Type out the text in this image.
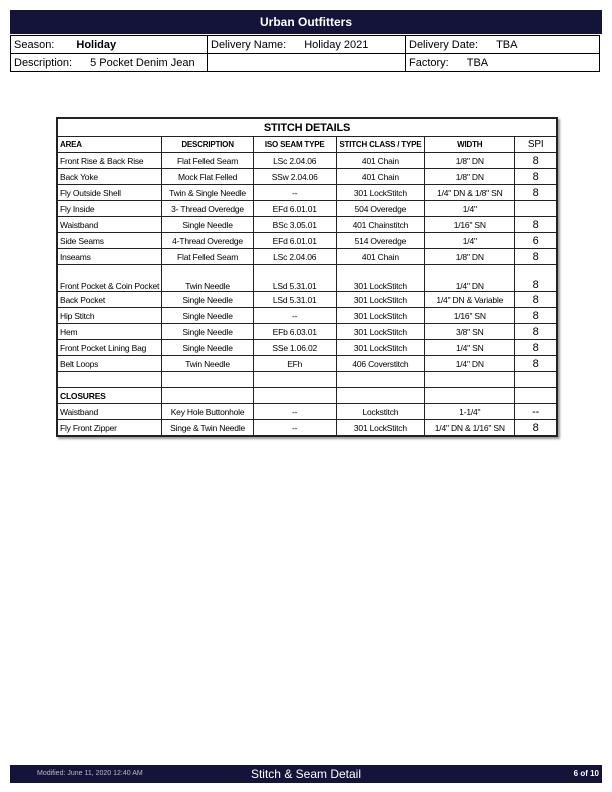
Urban Outfitters
Season: Holiday	Delivery Name: Holiday 2021	Delivery Date: TBA
Description: 5 Pocket Denim Jean		Factory: TBA
STITCH DETAILS					
AREA	DESCRIPTION	ISO SEAM TYPE	STITCH CLASS / TYPE	WIDTH	SPI
Front Rise & Back Rise	Flat Felled Seam	LSc 2.04.06	401 Chain	1/8" DN	8
Back Yoke	Mock Flat Felled	SSw 2.04.06	401 Chain	1/8" DN	8
Fly Outside Shell	Twin & Single Needle	--	301 LockStitch	1/4" DN & 1/8" SN	8
Fly Inside	3- Thread Overedge	EFd 6.01.01	504 Overedge	1/4"	
Waistband	Single Needle	BSc 3.05.01	401 Chainstitch	1/16" SN	8
Side Seams	4-Thread Overedge	EFd 6.01.01	514 Overedge	1/4"	6
Inseams	Flat Felled Seam	LSc 2.04.06	401 Chain	1/8" DN	8
Front Pocket & Coin Pocket	Twin Needle	LSd 5.31.01	301 LockStitch	1/4" DN	8
Back Pocket	Single Needle	LSd 5.31.01	301 LockStitch	1/4" DN & Variable	8
Hip Stitch	Single Needle	--	301 LockStitch	1/16" SN	8
Hem	Single Needle	EFb 6.03.01	301 LockStitch	3/8" SN	8
Front Pocket Lining Bag	Single Needle	SSe 1.06.02	301 LockStitch	1/4" SN	8
Belt Loops	Twin Needle	EFh	406 Coverstitch	1/4" DN	8

CLOSURES					
Waistband	Key Hole Buttonhole	--	Lockstitch	1-1/4"	--
Fly Front Zipper	Singe & Twin Needle	--	301 LockStitch	1/4" DN & 1/16" SN	8
Modified: June 11, 2020 12:40 AM	Stitch & Seam Detail	6 of 10
